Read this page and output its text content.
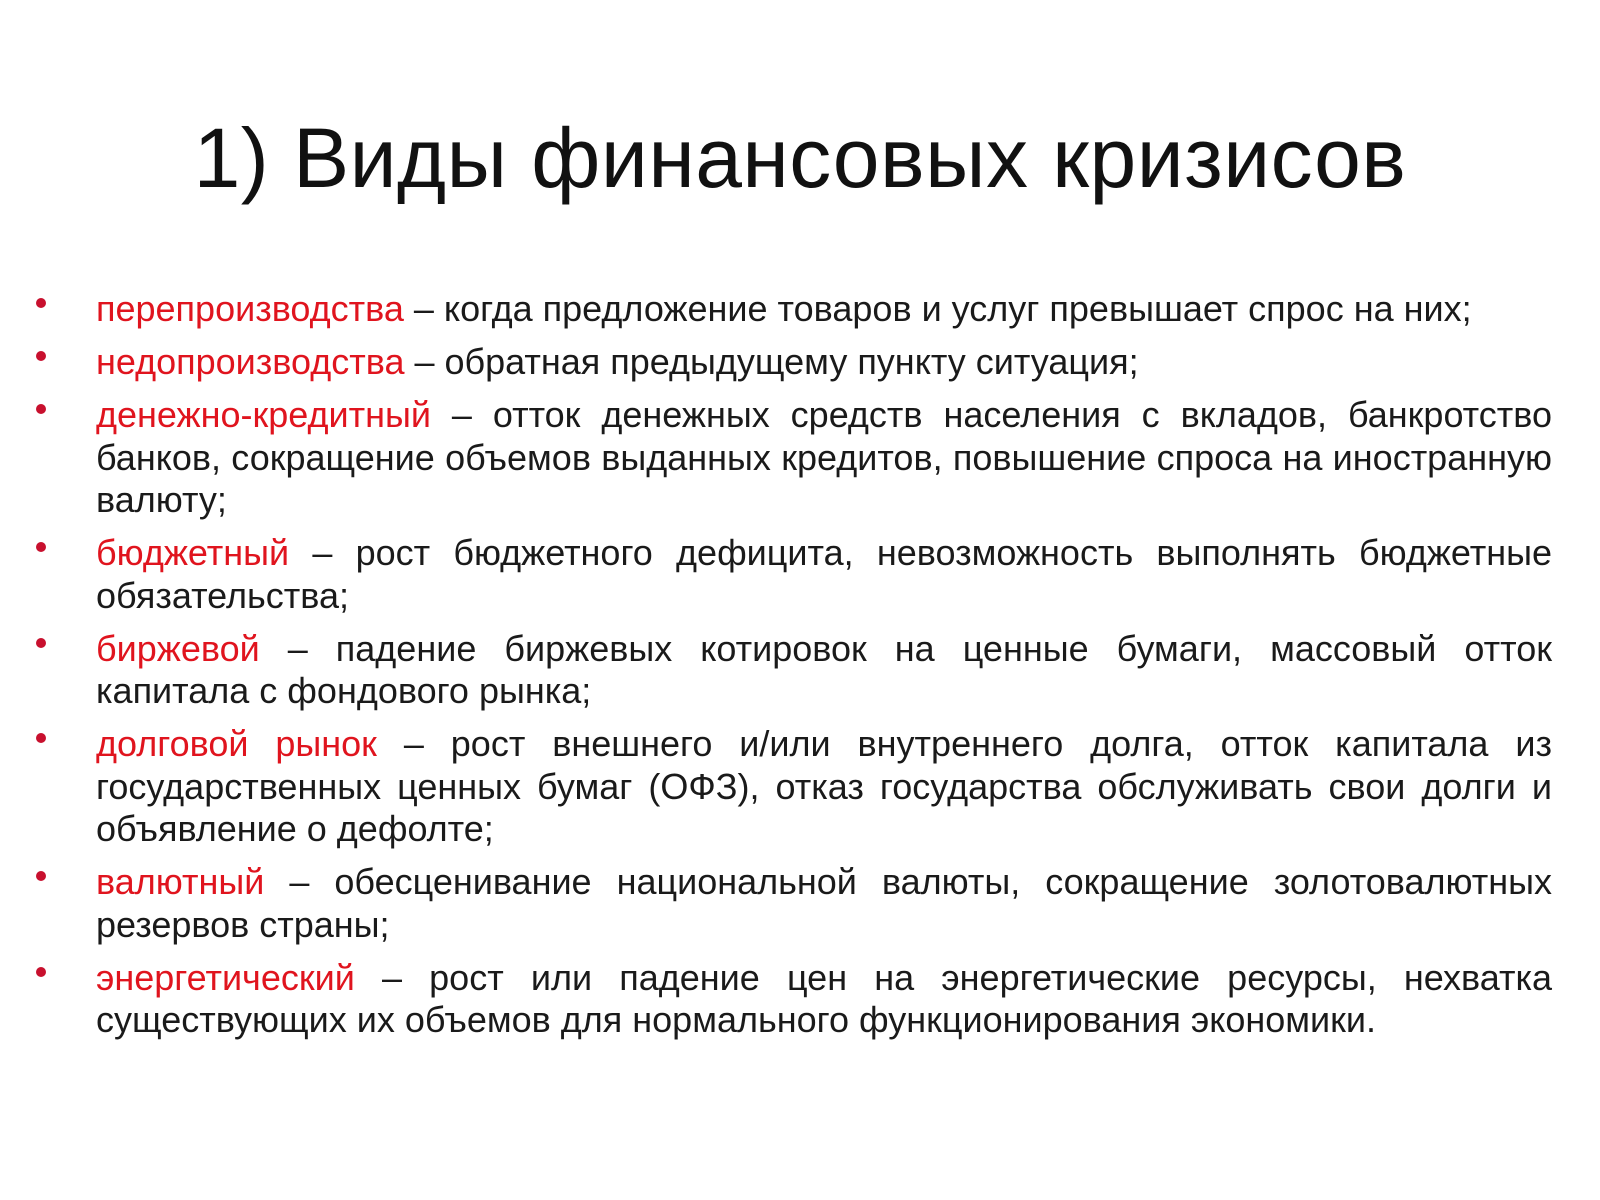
1) Виды финансовых кризисов
перепроизводства – когда предложение товаров и услуг превышает спрос на них;
недопроизводства – обратная предыдущему пункту ситуация;
денежно-кредитный – отток денежных средств населения с вкладов, банкротство банков, сокращение объемов выданных кредитов, повышение спроса на иностранную валюту;
бюджетный – рост бюджетного дефицита, невозможность выполнять бюджетные обязательства;
биржевой – падение биржевых котировок на ценные бумаги, массовый отток капитала с фондового рынка;
долговой рынок – рост внешнего и/или внутреннего долга, отток капитала из государственных ценных бумаг (ОФЗ), отказ государства обслуживать свои долги и объявление о дефолте;
валютный – обесценивание национальной валюты, сокращение золотовалютных резервов страны;
энергетический – рост или падение цен на энергетические ресурсы, нехватка существующих их объемов для нормального функционирования экономики.
